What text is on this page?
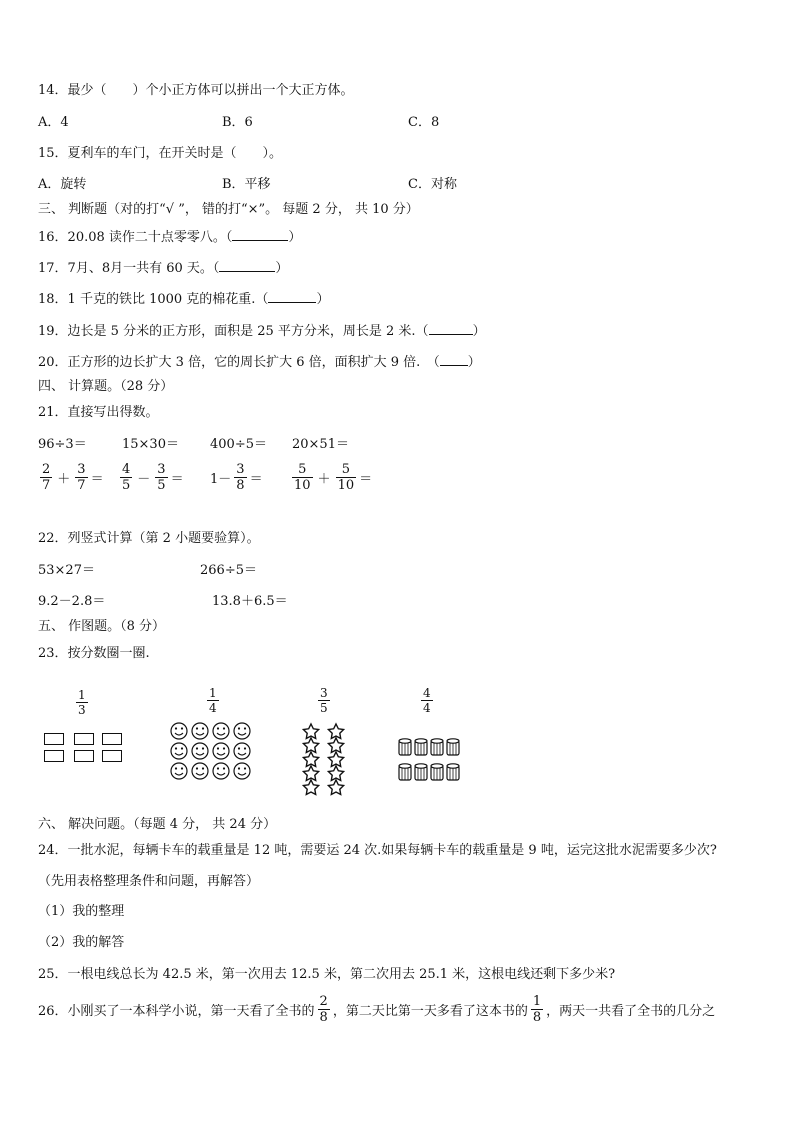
14．最少（　　）个小正方体可以拼出一个大正方体。
A．4	B．6	C．8
15．夏利车的车门，在开关时是（　　）。
A．旋转	B．平移	C．对称
三、 判断题（对的打“√ ”， 错的打“×”。 每题 2 分， 共 10 分）
16．20.08 读作二十点零零八。（	）
17．7月、8月一共有 60 天。（	）
18．1 千克的铁比 1000 克的棉花重.（	）
19．边长是 5 分米的正方形，面积是 25 平方分米，周长是 2 米.（	）
20．正方形的边长扩大 3 倍，它的周长扩大 6 倍，面积扩大 9 倍.　（ ）
四、 计算题。（28 分）
21．直接写出得数。
96÷3＝	15×30＝ 400÷5＝ 20×51＝
$\frac{2}{7} + \frac{3}{7} = \frac{4}{5} - \frac{3}{5} = 1- \frac{3}{8} = \frac{5}{10} + \frac{5}{10}$ ＝
22．列竖式计算（第 2 小题要验算）。
53×27＝	266÷5＝
9.2－2.8＝	13.8＋6.5＝
五、 作图题。（8 分）
23．按分数圈一圈.
$\frac{1}{3}$	$\frac{1}{4}$	$\frac{3}{5}$	$\frac{4}{4}$
六、 解决问题。（每题 4 分， 共 24 分）
24．一批水泥，每辆卡车的载重量是 12 吨，需要运 24 次.如果每辆卡车的载重量是 9 吨，运完这批水泥需要多少次?
（先用表格整理条件和问题，再解答）
（1）我的整理
（2）我的解答
25．一根电线总长为 42.5 米，第一次用去 12.5 米，第二次用去 25.1 米，这根电线还剩下多少米?
26．小刚买了一本科学小说，第一天看了全书的 $\frac{2}{8}$ ，第二天比第一天多看了这本书的 $\frac{1}{8}$ ，两天一共看了全书的几分之
